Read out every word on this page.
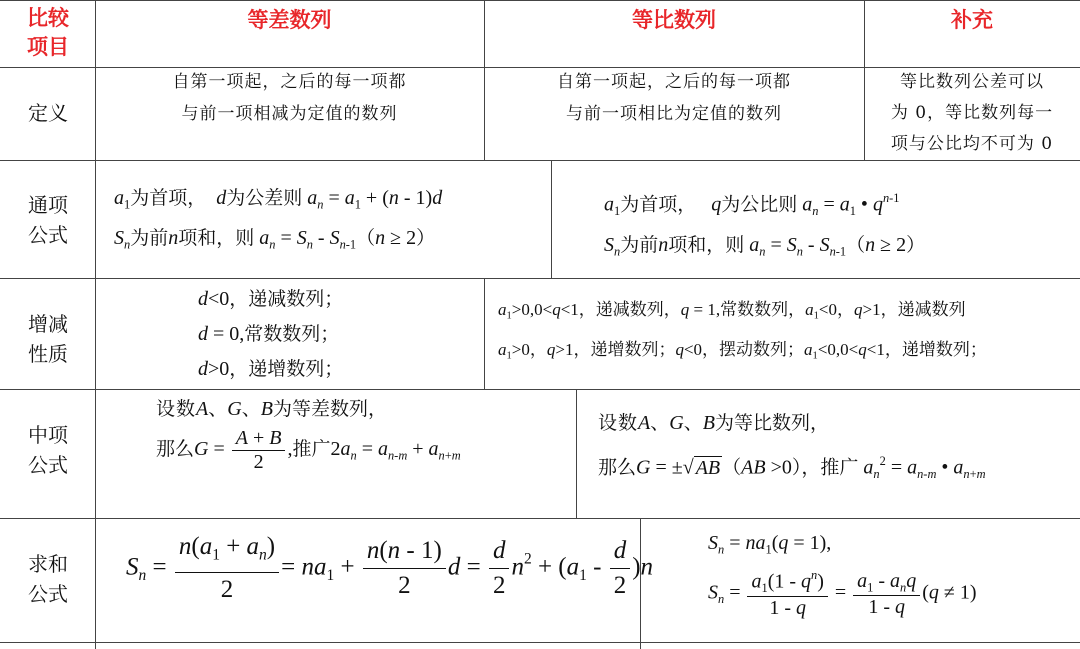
比较
项目
等差数列	等比数列	补充
定义
自第一项起，之后的每一项都
与前一项相减为定值的数列
自第一项起，之后的每一项都
与前一项相比为定值的数列
等比数列公差可以
为 0，等比数列每一
项与公比均不可为 0
通项
公式
$a_1$为首项， d为公差则 $a_n = a_1 + (n - 1)d$
$S_n$为前n项和，则 $a_n = S_n - S_{n-1}(n \ge 2)$
$a_1$为首项， q为公比则 $a_n = a_1$ • $q^{n-1}$
$S_n$为前n项和，则 $a_n = S_n - S_{n-1}(n \ge 2)$
增减
性质
d<0，递减数列；
d = 0,常数数列；
d>0，递增数列；
$a_1>0,0<q<1$，递减数列，q = 1,常数数列，$a_1<0$，q>1，递减数列
$a_1>0$，q>1，递增数列；q<0，摆动数列；$a_1<0,0<q<1$，递增数列；
中项
公式
设数A、G、B为等差数列，
那么$G = \frac{A + B}{2}$ ,推广$2a_n = a_{n-m} + a_{n+m}$
设数A、G、B为等比数列，
那么G = ±√ AB （AB >0），推广 $a_n^2 = a_{n-m}$ • $a_{n+m}$
求和
公式
$S_n = \frac{n(a_1 + a_n)}{2} = na_1 + \frac{n(n - 1)}{2}$ $d = \frac{d}{2} n^2 + (a_1 - \frac{d}{2} )n$
$S_n = na_1(q = 1)$,
$S_n = \frac{a_1(1 - q^n)}{1 - q} = \frac{a_1 - a_nq}{1 - q} (q \ne 1)$
